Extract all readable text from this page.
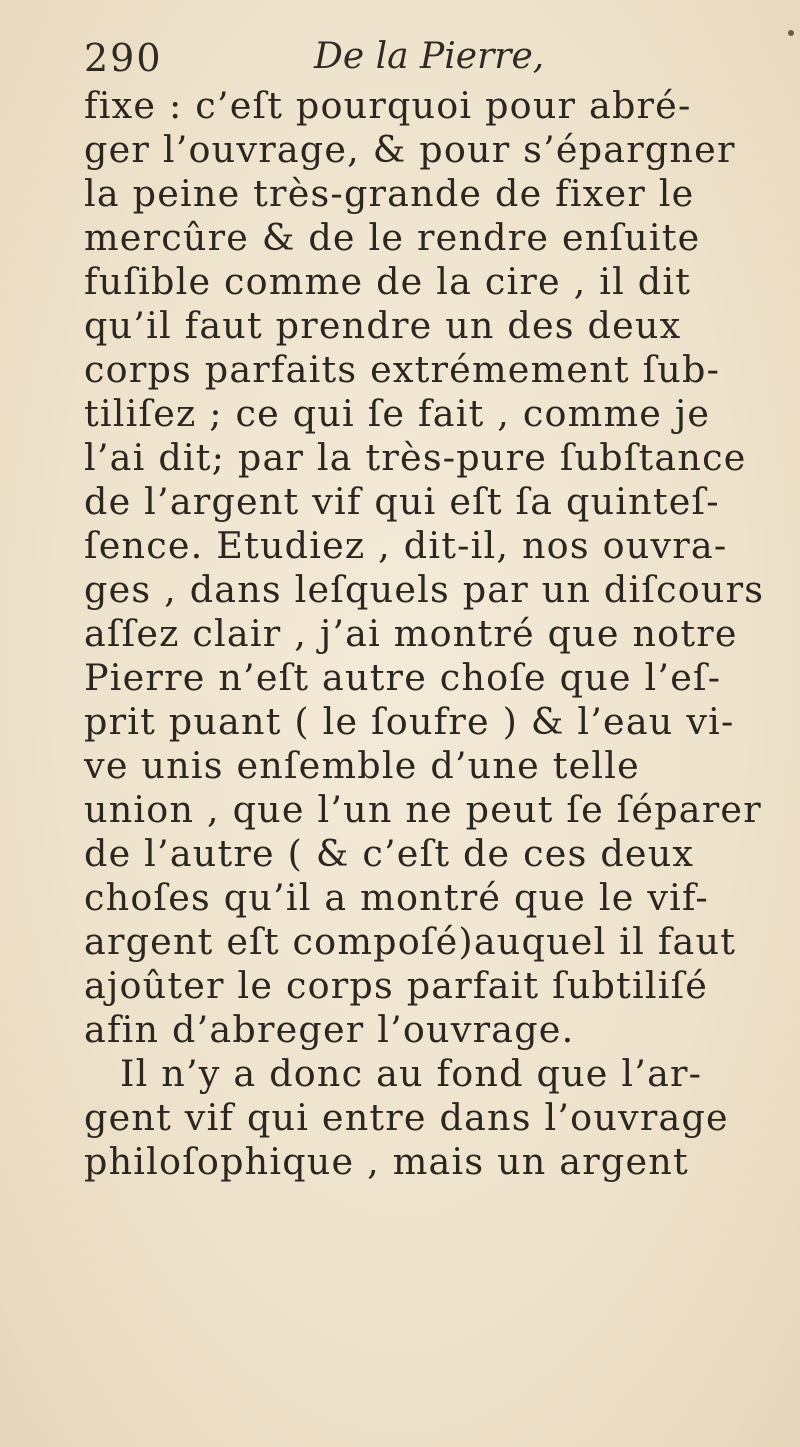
290	De la Pierre,
fixe : c’eſt pourquoi pour abré-
ger l’ouvrage, & pour s’épargner
la peine très-grande de fixer le
mercûre & de le rendre enſuite
fuſible comme de la cire , il dit
qu’il faut prendre un des deux
corps parfaits extrémement ſub-
tiliſez ; ce qui ſe fait , comme je
l’ai dit; par la très-pure ſubſtance
de l’argent vif qui eſt ſa quinteſ-
ſence. Etudiez , dit-il, nos ouvra-
ges , dans leſquels par un diſcours
aſſez clair , j’ai montré que notre
Pierre n’eſt autre choſe que l’eſ-
prit puant ( le ſoufre ) & l’eau vi-
ve unis enſemble d’une telle
union , que l’un ne peut ſe ſéparer
de l’autre ( & c’eſt de ces deux
choſes qu’il a montré que le vif-
argent eſt compoſé)auquel il faut
ajoûter le corps parfait ſubtiliſé
afin d’abreger l’ouvrage.
Il n’y a donc au fond que l’ar-
gent vif qui entre dans l’ouvrage
philoſophique , mais un argent
